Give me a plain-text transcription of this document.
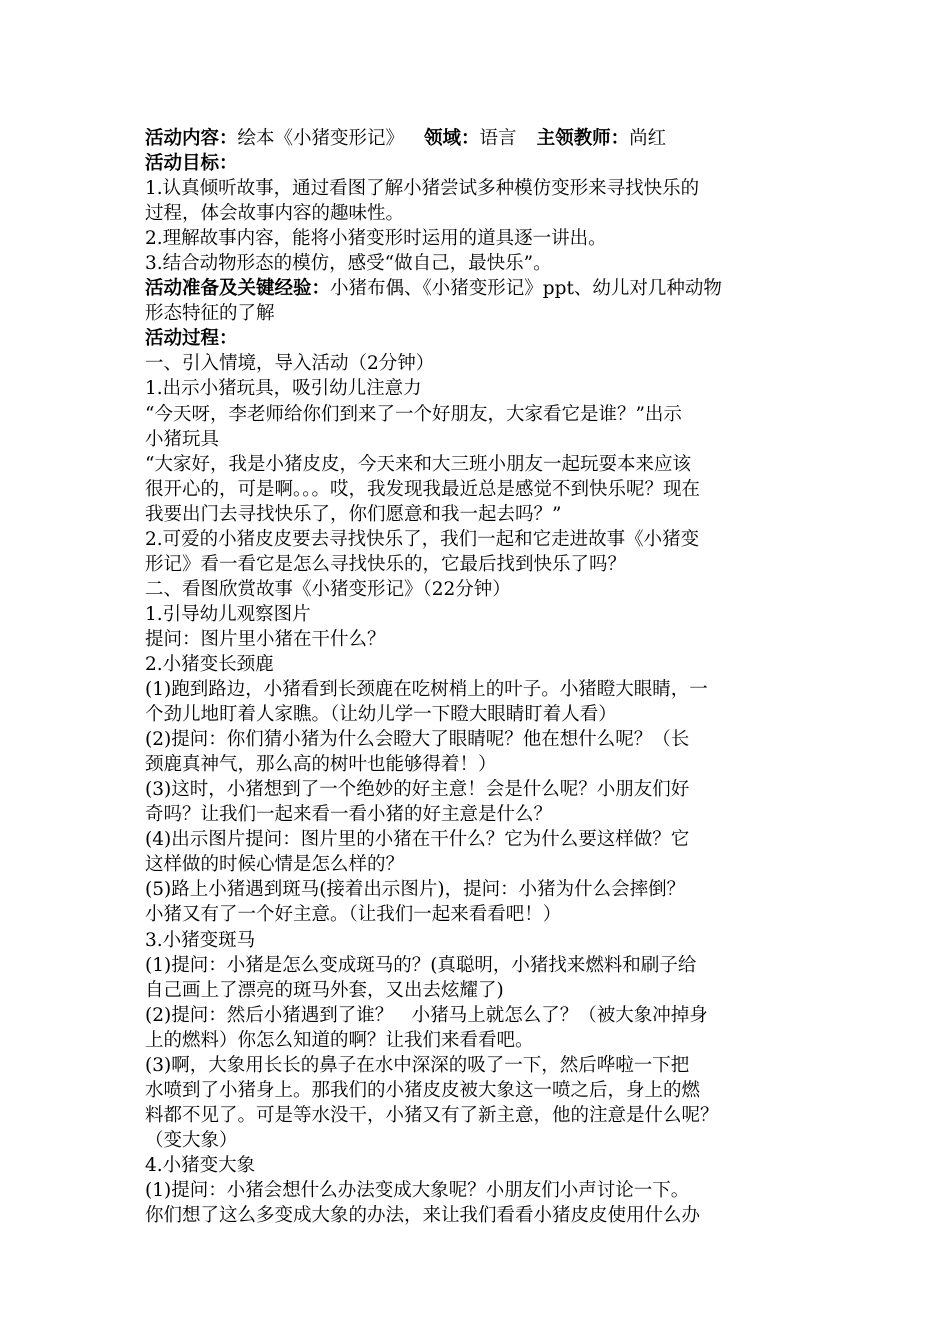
活动内容：绘本《小猪变形记》 领域：语言 主领教师：尚红
活动目标：
1.认真倾听故事，通过看图了解小猪尝试多种模仿变形来寻找快乐的
过程，体会故事内容的趣味性。
2.理解故事内容，能将小猪变形时运用的道具逐一讲出。
3.结合动物形态的模仿，感受“做自己，最快乐”。
活动准备及关键经验：小猪布偶、《小猪变形记》ppt、幼儿对几种动物
形态特征的了解
活动过程：
一、引入情境，导入活动（2分钟）
1.出示小猪玩具，吸引幼儿注意力
“今天呀，李老师给你们到来了一个好朋友，大家看它是谁？”出示
小猪玩具
“大家好，我是小猪皮皮，今天来和大三班小朋友一起玩耍本来应该
很开心的，可是啊。。。哎，我发现我最近总是感觉不到快乐呢？现在
我要出门去寻找快乐了，你们愿意和我一起去吗？”
2.可爱的小猪皮皮要去寻找快乐了，我们一起和它走进故事《小猪变
形记》看一看它是怎么寻找快乐的，它最后找到快乐了吗？
二、看图欣赏故事《小猪变形记》（22分钟）
1.引导幼儿观察图片
提问：图片里小猪在干什么？
2.小猪变长颈鹿
(1)跑到路边，小猪看到长颈鹿在吃树梢上的叶子。小猪瞪大眼睛，一
个劲儿地盯着人家瞧。（让幼儿学一下瞪大眼睛盯着人看）
(2)提问：你们猜小猪为什么会瞪大了眼睛呢？他在想什么呢？（长
颈鹿真神气，那么高的树叶也能够得着！）
(3)这时，小猪想到了一个绝妙的好主意！会是什么呢？小朋友们好
奇吗？让我们一起来看一看小猪的好主意是什么？
(4)出示图片提问：图片里的小猪在干什么？它为什么要这样做？它
这样做的时候心情是怎么样的？
(5)路上小猪遇到斑马(接着出示图片)，提问：小猪为什么会摔倒？
小猪又有了一个好主意。（让我们一起来看看吧！）
3.小猪变斑马
(1)提问：小猪是怎么变成斑马的？(真聪明，小猪找来燃料和刷子给
自己画上了漂亮的斑马外套，又出去炫耀了)
(2)提问：然后小猪遇到了谁？　小猪马上就怎么了？（被大象冲掉身
上的燃料）你怎么知道的啊？让我们来看看吧。
(3)啊，大象用长长的鼻子在水中深深的吸了一下，然后哗啦一下把
水喷到了小猪身上。那我们的小猪皮皮被大象这一喷之后，身上的燃
料都不见了。可是等水没干，小猪又有了新主意，他的注意是什么呢？
（变大象）
4.小猪变大象
(1)提问：小猪会想什么办法变成大象呢？小朋友们小声讨论一下。
你们想了这么多变成大象的办法，来让我们看看小猪皮皮使用什么办
